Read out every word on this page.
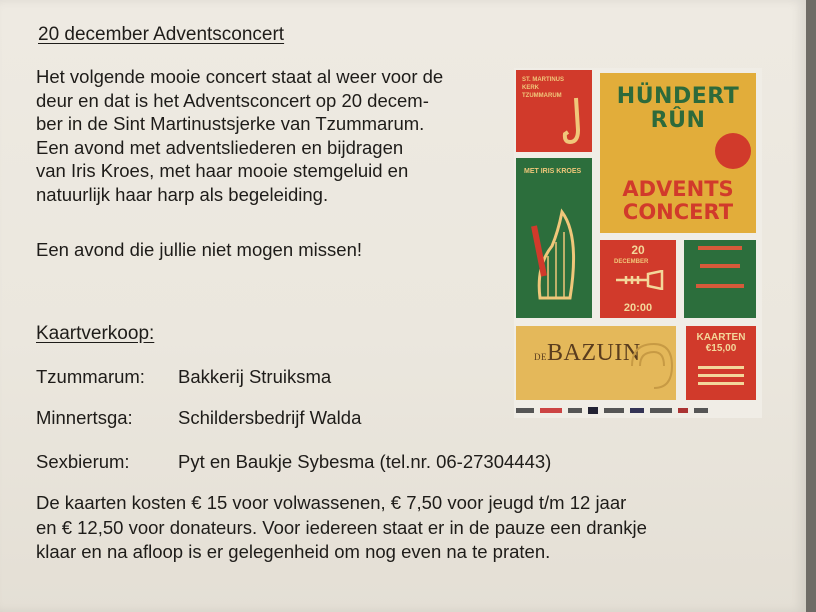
20 december Adventsconcert
Het volgende mooie concert staat al weer voor de
deur en dat is het Adventsconcert op 20 decem-
ber in de Sint Martinustsjerke van Tzummarum.
Een avond met adventsliederen en bijdragen
van Iris Kroes, met haar mooie stemgeluid en
natuurlijk haar harp als begeleiding.
Een avond die jullie niet mogen missen!
Kaartverkoop:
Tzummarum: Bakkerij Struiksma
Minnertsga: Schildersbedrijf Walda
Sexbierum:	Pyt en Baukje Sybesma (tel.nr. 06-27304443)
De kaarten kosten € 15 voor volwassenen, € 7,50 voor jeugd t/m 12 jaar
en € 12,50 voor donateurs. Voor iedereen staat er in de pauze een drankje
klaar en na afloop is er gelegenheid om nog even na te praten.
ST. MARTINUS KERK TZUMMARUM	HÜNDERT RÛN
ADVENTS CONCERT
MET IRIS KROES
20
DECEMBER
20:00
DEBAZUIN
KAARTEN €15,00
